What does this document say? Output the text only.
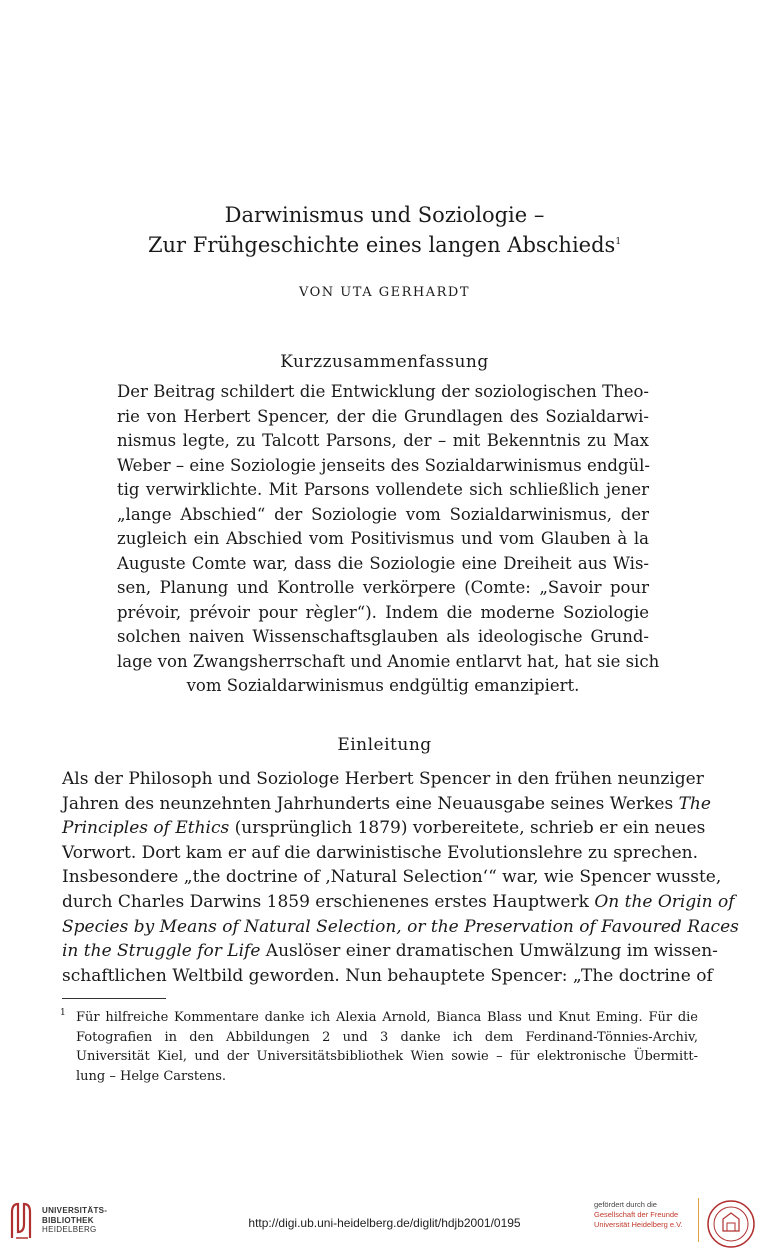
Darwinismus und Soziologie –
Zur Frühgeschichte eines langen Abschieds$^1$
VON UTA GERHARDT
Kurzzusammenfassung
Der Beitrag schildert die Entwicklung der soziologischen Theo-
rie von Herbert Spencer, der die Grundlagen des Sozialdarwi-
nismus legte, zu Talcott Parsons, der – mit Bekenntnis zu Max
Weber – eine Soziologie jenseits des Sozialdarwinismus endgül-
tig verwirklichte. Mit Parsons vollendete sich schließlich jener
„lange Abschied“ der Soziologie vom Sozialdarwinismus, der
zugleich ein Abschied vom Positivismus und vom Glauben à la
Auguste Comte war, dass die Soziologie eine Dreiheit aus Wis-
sen, Planung und Kontrolle verkörpere (Comte: „Savoir pour
prévoir, prévoir pour règler“). Indem die moderne Soziologie
solchen naiven Wissenschaftsglauben als ideologische Grund-
lage von Zwangsherrschaft und Anomie entlarvt hat, hat sie sich
vom Sozialdarwinismus endgültig emanzipiert.
Einleitung
Als der Philosoph und Soziologe Herbert Spencer in den frühen neunziger
Jahren des neunzehnten Jahrhunderts eine Neuausgabe seines Werkes The
Principles of Ethics (ursprünglich 1879) vorbereitete, schrieb er ein neues
Vorwort. Dort kam er auf die darwinistische Evolutionslehre zu sprechen.
Insbesondere „the doctrine of ‚Natural Selection‘“ war, wie Spencer wusste,
durch Charles Darwins 1859 erschienenes erstes Hauptwerk On the Origin of
Species by Means of Natural Selection, or the Preservation of Favoured Races
in the Struggle for Life Auslöser einer dramatischen Umwälzung im wissen-
schaftlichen Weltbild geworden. Nun behauptete Spencer: „The doctrine of
1 Für hilfreiche Kommentare danke ich Alexia Arnold, Bianca Blass und Knut Eming. Für die
Fotografien in den Abbildungen 2 und 3 danke ich dem Ferdinand-Tönnies-Archiv,
Universität Kiel, und der Universitätsbibliothek Wien sowie – für elektronische Übermitt-
lung – Helge Carstens.
UNIVERSITÄTS-
BIBLIOTHEK
HEIDELBERG	http://digi.ub.uni-heidelberg.de/diglit/hdjb2001/0195
gefördert durch die
Gesellschaft der Freunde
Universität Heidelberg e.V.
